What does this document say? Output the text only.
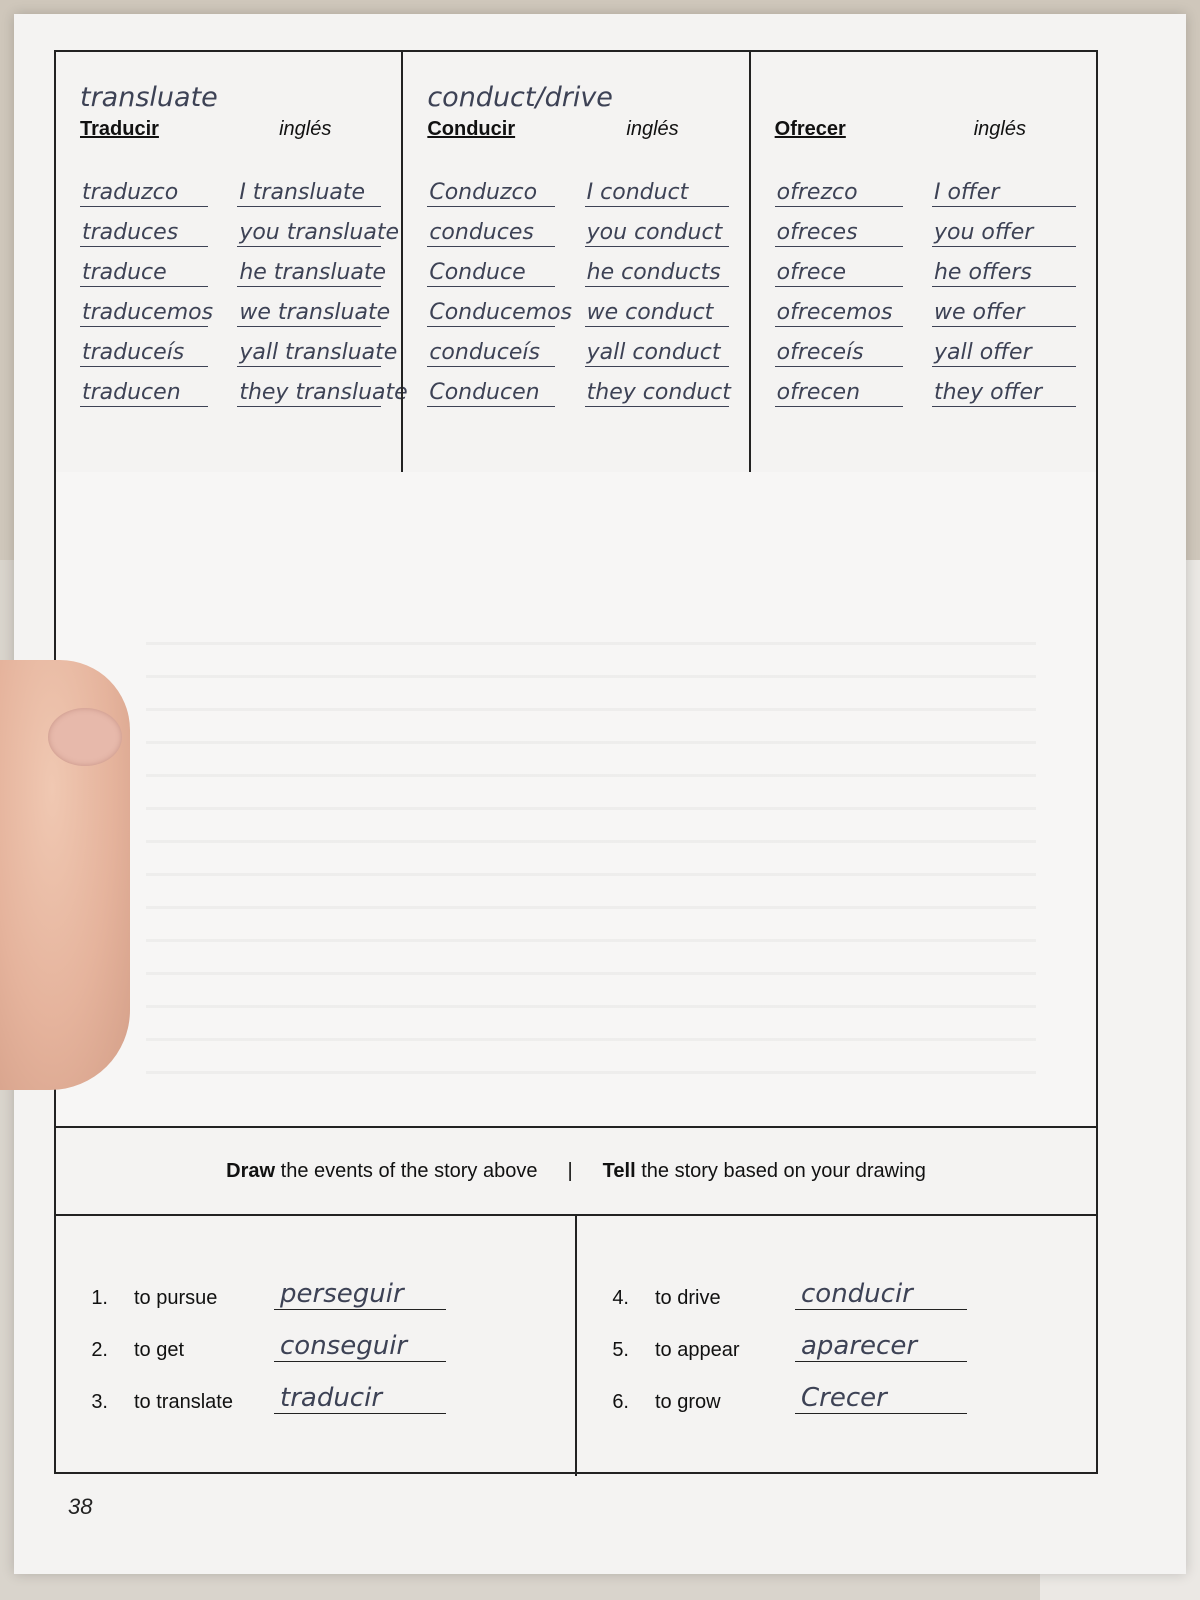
transluate
Traducir	inglés
traduzco	I transluate
traduces	you transluate
traduce	he transluate
traducemos we transluate
traduceís	yall transluate
traducen	they transluate
conduct/drive
Conducir	inglés
Conduzco	I conduct
conduces	you conduct
Conduce	he conducts
Conducemos we conduct
conduceís	yall conduct
Conducen	they conduct
Ofrecer	inglés
ofrezco	I offer
ofreces	you offer
ofrece	he offers
ofrecemos	we offer
ofreceís	yall offer
ofrecen	they offer
Draw the events of the story above | Tell the story based on your drawing
1.	to pursue	perseguir
2.	to get	conseguir
3.	to translate	traducir
4.	to drive	conducir
5.	to appear	aparecer
6.	to grow	Crecer
38
